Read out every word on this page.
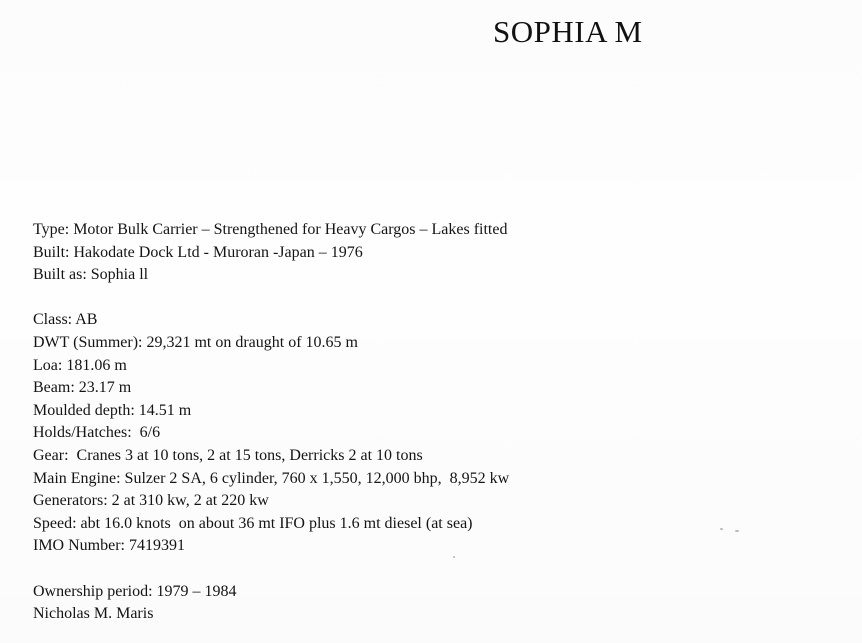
SOPHIA M
Type: Motor Bulk Carrier – Strengthened for Heavy Cargos – Lakes fitted
Built: Hakodate Dock Ltd - Muroran -Japan – 1976
Built as: Sophia ll
Class: AB
DWT (Summer): 29,321 mt on draught of 10.65 m
Loa: 181.06 m
Beam: 23.17 m
Moulded depth: 14.51 m
Holds/Hatches:  6/6
Gear:  Cranes 3 at 10 tons, 2 at 15 tons, Derricks 2 at 10 tons
Main Engine: Sulzer 2 SA, 6 cylinder, 760 x 1,550, 12,000 bhp,  8,952 kw
Generators: 2 at 310 kw, 2 at 220 kw
Speed: abt 16.0 knots  on about 36 mt IFO plus 1.6 mt diesel (at sea)
IMO Number: 7419391
Ownership period: 1979 – 1984
Nicholas M. Maris
